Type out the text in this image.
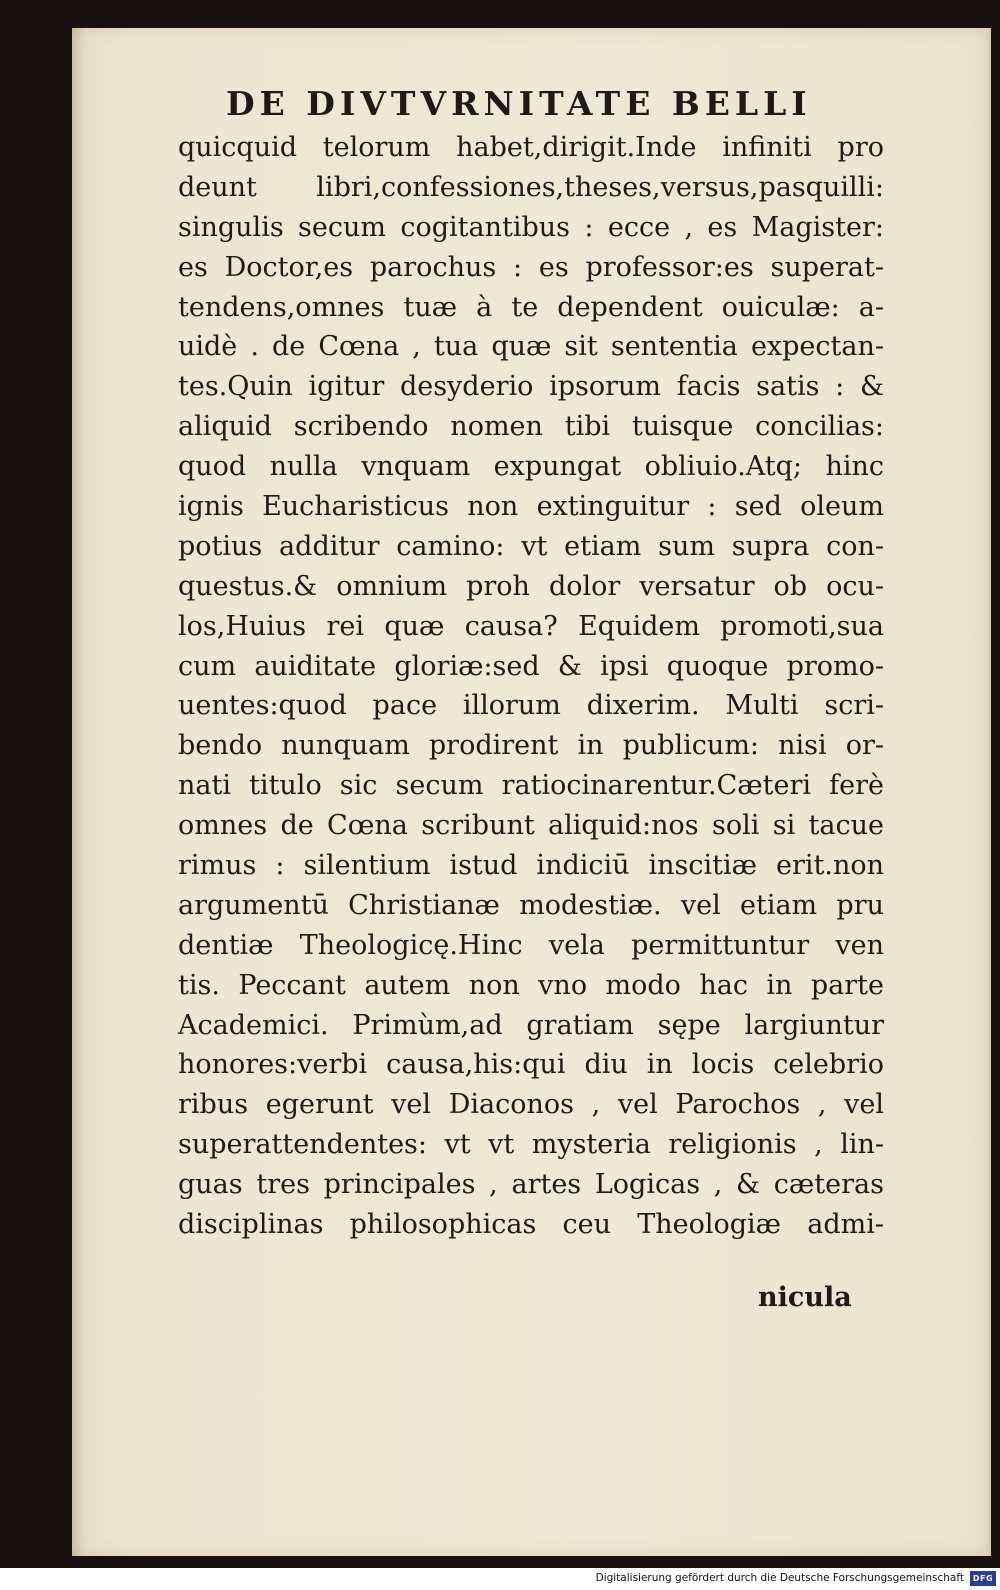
DE DIVTVRNITATE BELLI
quicquid telorum habet,dirigit.Inde infiniti pro
deunt libri,confessiones,theses,versus,pasquilli:
singulis secum cogitantibus : ecce , es Magister:
es Doctor,es parochus : es professor:es superat-
tendens,omnes tuæ à te dependent ouiculæ: a-
uidè . de Cœna , tua quæ sit sententia expectan-
tes.Quin igitur desyderio ipsorum facis satis : &
aliquid scribendo nomen tibi tuisque concilias:
quod nulla vnquam expungat obliuio.Atq; hinc
ignis Eucharisticus non extinguitur : sed oleum
potius additur camino: vt etiam sum supra con-
questus.& omnium proh dolor versatur ob ocu-
los,Huius rei quæ causa? Equidem promoti,sua
cum auiditate gloriæ:sed & ipsi quoque promo-
uentes:quod pace illorum dixerim. Multi scri-
bendo nunquam prodirent in publicum: nisi or-
nati titulo sic secum ratiocinarentur.Cæteri ferè
omnes de Cœna scribunt aliquid:nos soli si tacue
rimus : silentium istud indiciū inscitiæ erit.non
argumentū Christianæ modestiæ. vel etiam pru
dentiæ Theologicę.Hinc vela permittuntur ven
tis. Peccant autem non vno modo hac in parte
Academici. Primùm,ad gratiam sępe largiuntur
honores:verbi causa,his:qui diu in locis celebrio
ribus egerunt vel Diaconos , vel Parochos , vel
superattendentes: vt vt mysteria religionis , lin-
guas tres principales , artes Logicas , & cæteras
disciplinas philosophicas ceu Theologiæ admi-
nicula
Digitalisierung gefördert durch die Deutsche Forschungsgemeinschaft	DFG
